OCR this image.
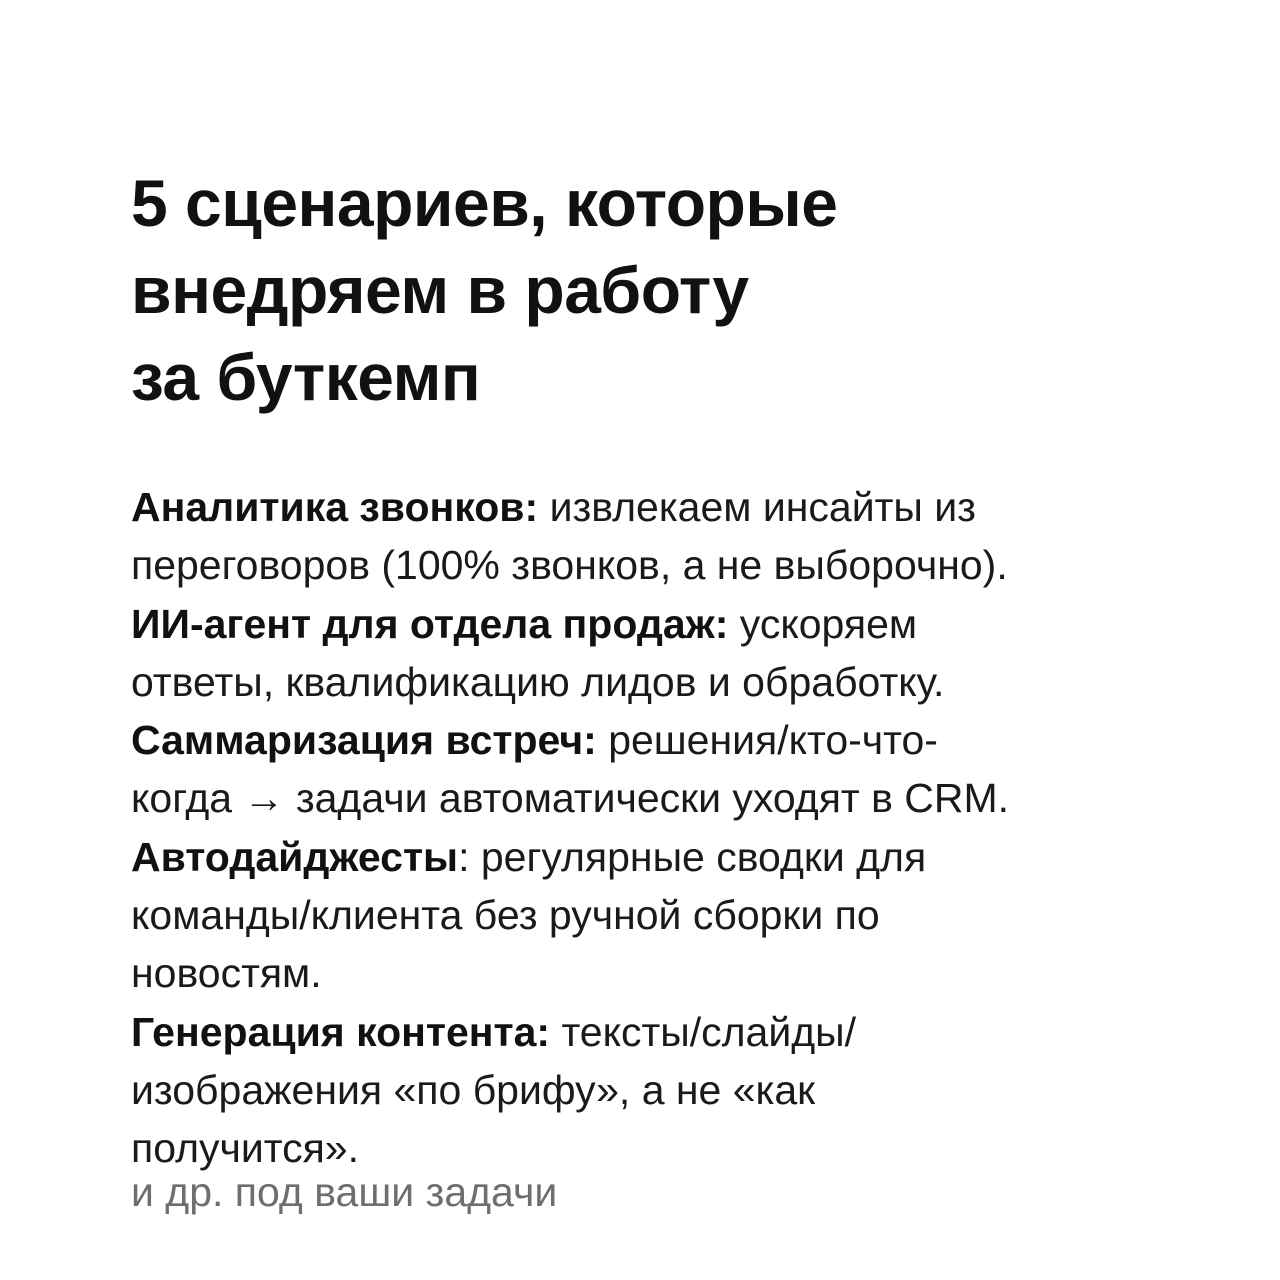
5 сценариев, которые
внедряем в работу
за буткемп
Аналитика звонков: извлекаем инсайты из
переговоров (100% звонков, а не выборочно).
ИИ-агент для отдела продаж: ускоряем
ответы, квалификацию лидов и обработку.
Саммаризация встреч: решения/кто-что-
когда → задачи автоматически уходят в CRM.
Автодайджесты: регулярные сводки для
команды/клиента без ручной сборки по
новостям.
Генерация контента: тексты/слайды/
изображения «по брифу», а не «как
получится».

и др. под ваши задачи
